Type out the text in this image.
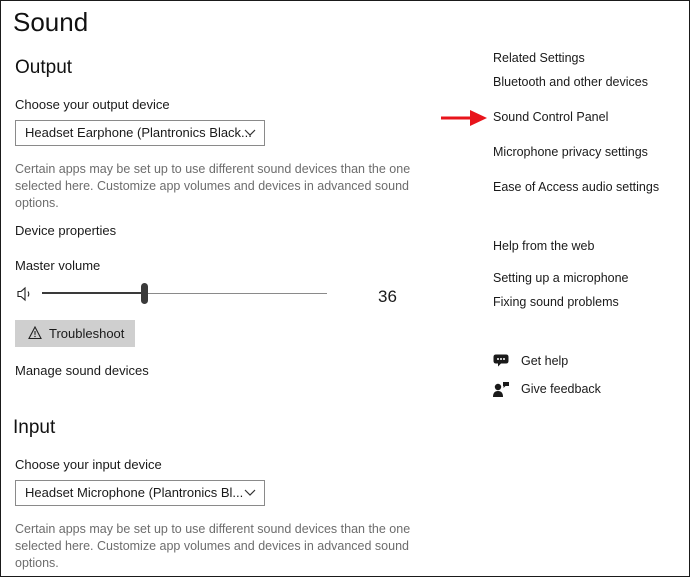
Sound
Output
Choose your output device
Headset Earphone (Plantronics Black...
Certain apps may be set up to use different sound devices than the one selected here. Customize app volumes and devices in advanced sound options.
Device properties
Master volume
36
Troubleshoot
Manage sound devices
Input
Choose your input device
Headset Microphone (Plantronics Bl...
Certain apps may be set up to use different sound devices than the one selected here. Customize app volumes and devices in advanced sound options.
Related Settings
Bluetooth and other devices
Sound Control Panel
Microphone privacy settings
Ease of Access audio settings
Help from the web
Setting up a microphone
Fixing sound problems
Get help
Give feedback
